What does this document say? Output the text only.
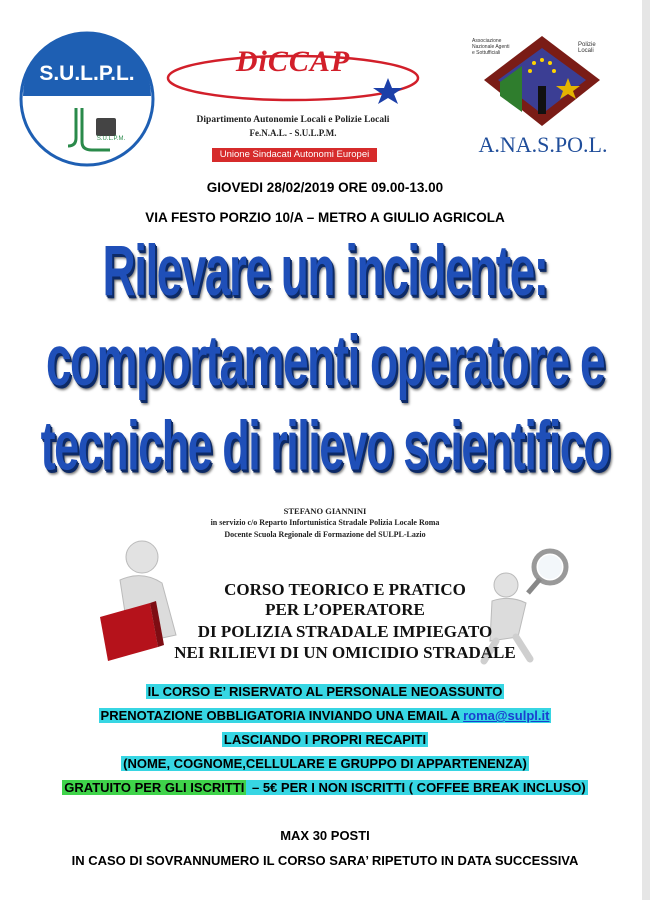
S.U.L.P.L.
S.U.L.P.M.
DiCCAP
Dipartimento Autonomie Locali e Polizie Locali
Fe.N.A.L. - S.U.L.P.M.
Unione Sindacati Autonomi Europei
Associazione Nazionale Agenti e Sottufficiali
Polizie Locali
A.NA.S.PO.L.
GIOVEDI 28/02/2019 ORE 09.00-13.00
VIA FESTO PORZIO 10/A – METRO A GIULIO AGRICOLA
Rilevare un incidente:
comportamenti operatore e
tecniche di rilievo scientifico
STEFANO GIANNINI
in servizio c/o Reparto Infortunistica Stradale Polizia Locale Roma
Docente Scuola Regionale di Formazione del SULPL-Lazio
CORSO TEORICO E PRATICO
PER L’OPERATORE
DI POLIZIA STRADALE IMPIEGATO
NEI RILIEVI DI UN OMICIDIO STRADALE
IL CORSO E’ RISERVATO AL PERSONALE NEOASSUNTO
PRENOTAZIONE OBBLIGATORIA INVIANDO UNA EMAIL A roma@sulpl.it
LASCIANDO I PROPRI RECAPITI
(NOME, COGNOME,CELLULARE E GRUPPO DI APPARTENENZA)
GRATUITO PER GLI ISCRITTI – 5€ PER I NON ISCRITTI ( COFFEE BREAK INCLUSO)
MAX 30 POSTI
IN CASO DI SOVRANNUMERO IL CORSO SARA’ RIPETUTO IN DATA SUCCESSIVA
